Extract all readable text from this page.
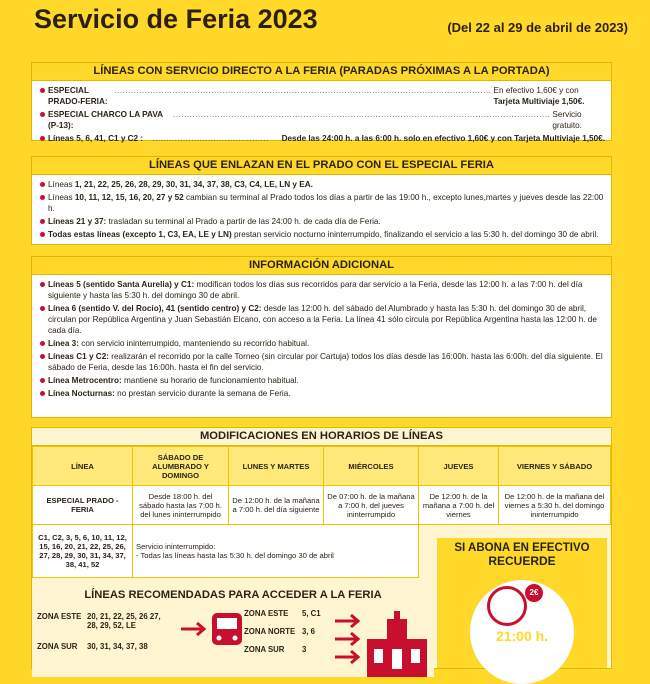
Servicio de Feria 2023	(Del 22 al 29 de abril de 2023)
LÍNEAS CON SERVICIO DIRECTO A LA FERIA (PARADAS PRÓXIMAS A LA PORTADA)
ESPECIAL PRADO-FERIA:
........................................................................................................................................ En efectivo 1,60€ y con Tarjeta Multiviaje 1,50€.
ESPECIAL CHARCO LA PAVA (P-13):
........................................................................................................................................ Servicio gratuito.
Líneas 5, 6, 41, C1 y C2 : ..........................................	Desde las 24:00 h. a las 6:00 h. solo en efectivo 1,60€ y con Tarjeta Multiviaje 1,50€.
LÍNEAS QUE ENLAZAN EN EL PRADO CON EL ESPECIAL FERIA
Líneas 1, 21, 22, 25, 26, 28, 29, 30, 31, 34, 37, 38, C3, C4, LE, LN y EA.
Líneas 10, 11, 12, 15, 16, 20, 27 y 52 cambian su terminal al Prado todos los días a partir de las 19:00 h., excepto lunes,martes y jueves desde las 22:00 h.
Líneas 21 y 37: trasladan su terminal al Prado a partir de las 24:00 h. de cada día de Feria.
Todas estas líneas (excepto 1, C3, EA, LE y LN) prestan servicio nocturno ininterrumpido, finalizando el servicio a las 5:30 h. del domingo 30 de abril.
INFORMACIÓN ADICIONAL
Líneas 5 (sentido Santa Aurelia) y C1: modifican todos los días sus recorridos para dar servicio a la Feria, desde las 12:00 h. a las 7:00 h. del día siguiente y hasta las 5:30 h. del domingo 30 de abril.
Línea 6 (sentido V. del Rocío), 41 (sentido centro) y C2: desde las 12:00 h. del sábado del Alumbrado y hasta las 5:30 h. del domingo 30 de abril, circulan por República Argentina y Juan Sebastián Elcano, con acceso a la Feria. La línea 41 sólo circula por República Argentina hasta las 12:00 h. de cada día.
Línea 3: con servicio ininterrumpido, manteniendo su recorrido habitual.
Líneas C1 y C2: realizarán el recorrido por la calle Torneo (sin circular por Cartuja) todos los días desde las 16:00h. hasta las 6:00h. del día siguiente. El sábado de Feria, desde las 16:00h. hasta el fin del servicio.
Línea Metrocentro: mantiene su horario de funcionamiento habitual.
Línea Nocturnas: no prestan servicio durante la semana de Feria.
MODIFICACIONES EN HORARIOS DE LÍNEAS
LÍNEA	SÁBADO DE ALUMBRADO Y DOMINGO	LUNES Y MARTES	MIÉRCOLES	JUEVES	VIERNES Y SÁBADO
ESPECIAL PRADO - FERIA	Desde 18:00 h. del sábado hasta las 7:00 h. del lunes ininterrumpido	De 12:00 h. de la mañana a 7:00 h. del día siguiente	De 07:00 h. de la mañana a 7:00 h. del jueves ininterrumpido	De 12:00 h. de la mañana a 7:00 h. del viernes	De 12:00 h. de la mañana del viernes a 5:30 h. del domingo ininterrumpido
C1, C2, 3, 5, 6, 10, 11, 12, 15, 16, 20, 21, 22, 25, 26, 27, 28, 29, 30, 31, 34, 37, 38, 41, 52	Servicio ininterrumpido:
- Todas las líneas hasta las 5:30 h. del domingo 30 de abril				

SI ABONA EN EFECTIVO
RECUERDE
2€
21:00 h.
LÍNEAS RECOMENDADAS PARA ACCEDER A LA FERIA
ZONA ESTE 20, 21, 22, 25, 26 27, 28, 29, 52, LE
ZONA SUR 30, 31, 34, 37, 38
ZONA ESTE 5, C1
ZONA NORTE 3, 6
ZONA SUR 3
